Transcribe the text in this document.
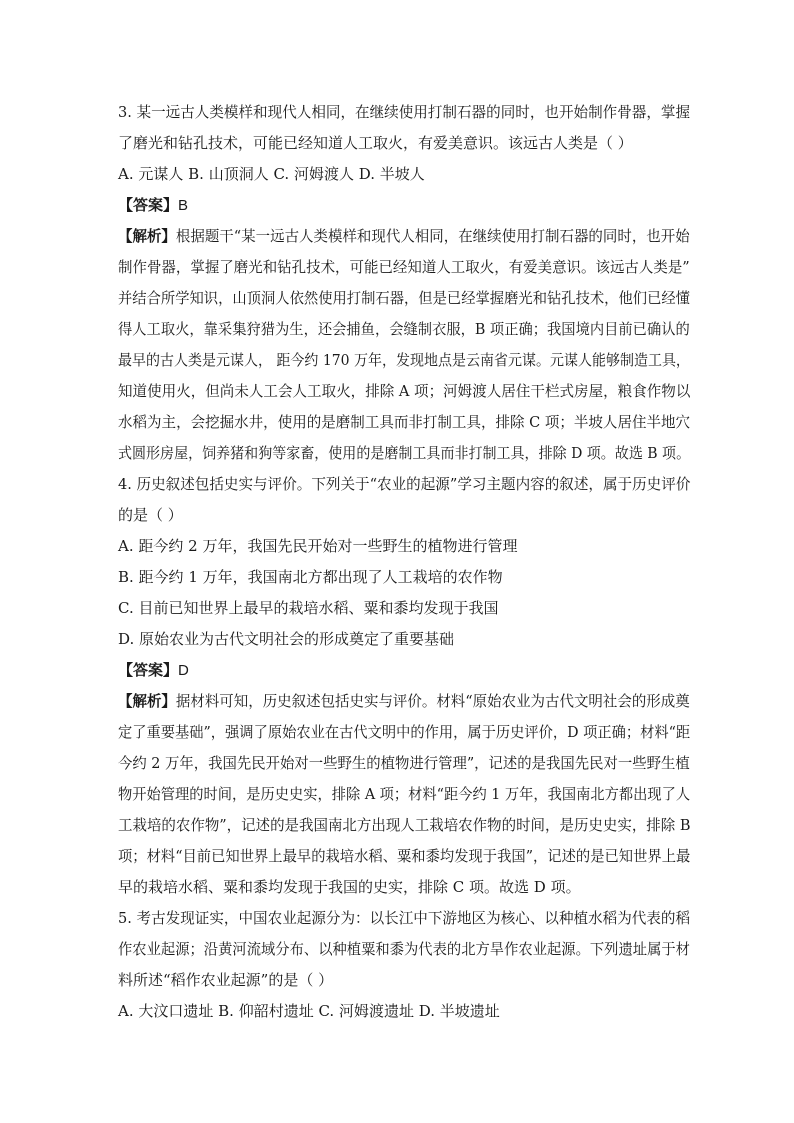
3. 某一远古人类模样和现代人相同，在继续使用打制石器的同时，也开始制作骨器，掌握
了磨光和钻孔技术，可能已经知道人工取火，有爱美意识。该远古人类是（ ）
A. 元谋人 B. 山顶洞人 C. 河姆渡人 D. 半坡人
【答案】B
【解析】根据题干“某一远古人类模样和现代人相同，在继续使用打制石器的同时，也开始
制作骨器，掌握了磨光和钻孔技术，可能已经知道人工取火，有爱美意识。该远古人类是”
并结合所学知识，山顶洞人依然使用打制石器，但是已经掌握磨光和钻孔技术，他们已经懂
得人工取火，靠采集狩猎为生，还会捕鱼，会缝制衣服，B 项正确；我国境内目前已确认的
最早的古人类是元谋人， 距今约 170 万年，发现地点是云南省元谋。元谋人能够制造工具，
知道使用火，但尚未人工会人工取火，排除 A 项；河姆渡人居住干栏式房屋，粮食作物以
水稻为主，会挖掘水井，使用的是磨制工具而非打制工具，排除 C 项；半坡人居住半地穴
式圆形房屋，饲养猪和狗等家畜，使用的是磨制工具而非打制工具，排除 D 项。故选 B 项。
4. 历史叙述包括史实与评价。下列关于“农业的起源”学习主题内容的叙述，属于历史评价
的是（ ）
A. 距今约 2 万年，我国先民开始对一些野生的植物进行管理
B. 距今约 1 万年，我国南北方都出现了人工栽培的农作物
C. 目前已知世界上最早的栽培水稻、粟和黍均发现于我国
D. 原始农业为古代文明社会的形成奠定了重要基础
【答案】D
【解析】据材料可知，历史叙述包括史实与评价。材料“原始农业为古代文明社会的形成奠
定了重要基础”，强调了原始农业在古代文明中的作用，属于历史评价，D 项正确；材料“距
今约 2 万年，我国先民开始对一些野生的植物进行管理”，记述的是我国先民对一些野生植
物开始管理的时间，是历史史实，排除 A 项；材料“距今约 1 万年，我国南北方都出现了人
工栽培的农作物”，记述的是我国南北方出现人工栽培农作物的时间，是历史史实，排除 B
项；材料“目前已知世界上最早的栽培水稻、粟和黍均发现于我国”，记述的是已知世界上最
早的栽培水稻、粟和黍均发现于我国的史实，排除 C 项。故选 D 项。
5. 考古发现证实，中国农业起源分为：以长江中下游地区为核心、以种植水稻为代表的稻
作农业起源；沿黄河流域分布、以种植粟和黍为代表的北方旱作农业起源。下列遗址属于材
料所述“稻作农业起源”的是（ ）
A. 大汶口遗址 B. 仰韶村遗址 C. 河姆渡遗址 D. 半坡遗址
